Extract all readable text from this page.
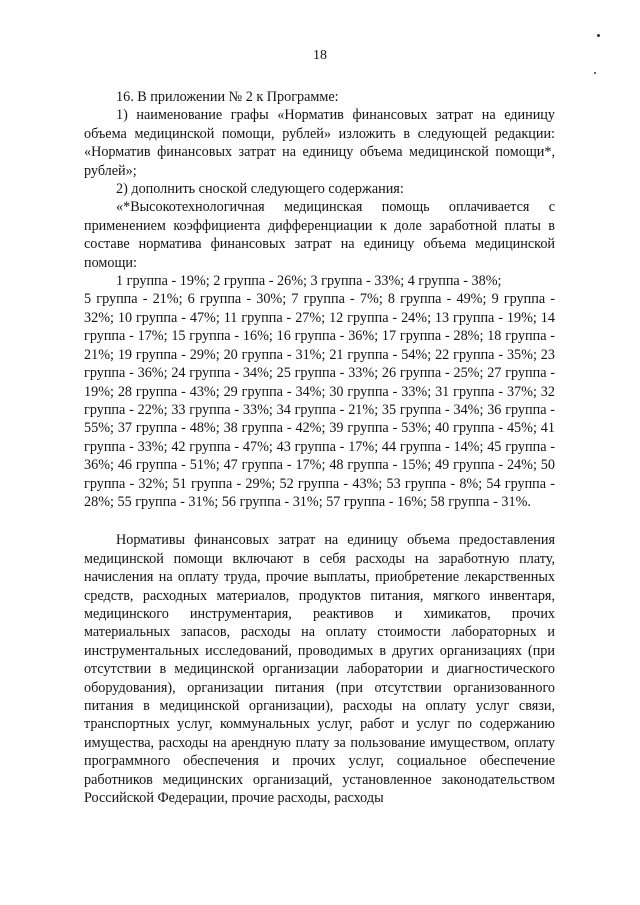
18

16. В приложении № 2 к Программе:

1) наименование графы «Норматив финансовых затрат на единицу объема медицинской помощи, рублей» изложить в следующей редакции: «Норматив финансовых затрат на единицу объема медицинской помощи*, рублей»;

2) дополнить сноской следующего содержания:

«*Высокотехнологичная медицинская помощь оплачивается с применением коэффициента дифференциации к доле заработной платы в составе норматива финансовых затрат на единицу объема медицинской помощи:

1 группа - 19%; 2 группа - 26%; 3 группа - 33%; 4 группа - 38%;
5 группа - 21%; 6 группа - 30%; 7 группа - 7%; 8 группа - 49%; 9 группа - 32%; 10 группа - 47%; 11 группа - 27%; 12 группа - 24%; 13 группа - 19%; 14 группа - 17%; 15 группа - 16%; 16 группа - 36%; 17 группа - 28%; 18 группа - 21%; 19 группа - 29%; 20 группа - 31%; 21 группа - 54%; 22 группа - 35%; 23 группа - 36%; 24 группа - 34%; 25 группа - 33%; 26 группа - 25%; 27 группа - 19%; 28 группа - 43%; 29 группа - 34%; 30 группа - 33%; 31 группа - 37%; 32 группа - 22%; 33 группа - 33%; 34 группа - 21%; 35 группа - 34%; 36 группа - 55%; 37 группа - 48%; 38 группа - 42%; 39 группа - 53%; 40 группа - 45%; 41 группа - 33%; 42 группа - 47%; 43 группа - 17%; 44 группа - 14%; 45 группа - 36%; 46 группа - 51%; 47 группа - 17%; 48 группа - 15%; 49 группа - 24%; 50 группа - 32%; 51 группа - 29%; 52 группа - 43%; 53 группа - 8%; 54 группа - 28%; 55 группа - 31%; 56 группа - 31%; 57 группа - 16%; 58 группа - 31%.

Нормативы финансовых затрат на единицу объема предоставления медицинской помощи включают в себя расходы на заработную плату, начисления на оплату труда, прочие выплаты, приобретение лекарственных средств, расходных материалов, продуктов питания, мягкого инвентаря, медицинского инструментария, реактивов и химикатов, прочих материальных запасов, расходы на оплату стоимости лабораторных и инструментальных исследований, проводимых в других организациях (при отсутствии в медицинской организации лаборатории и диагностического оборудования), организации питания (при отсутствии организованного питания в медицинской организации), расходы на оплату услуг связи, транспортных услуг, коммунальных услуг, работ и услуг по содержанию имущества, расходы на арендную плату за пользование имуществом, оплату программного обеспечения и прочих услуг, социальное обеспечение работников медицинских организаций, установленное законодательством Российской Федерации, прочие расходы, расходы
